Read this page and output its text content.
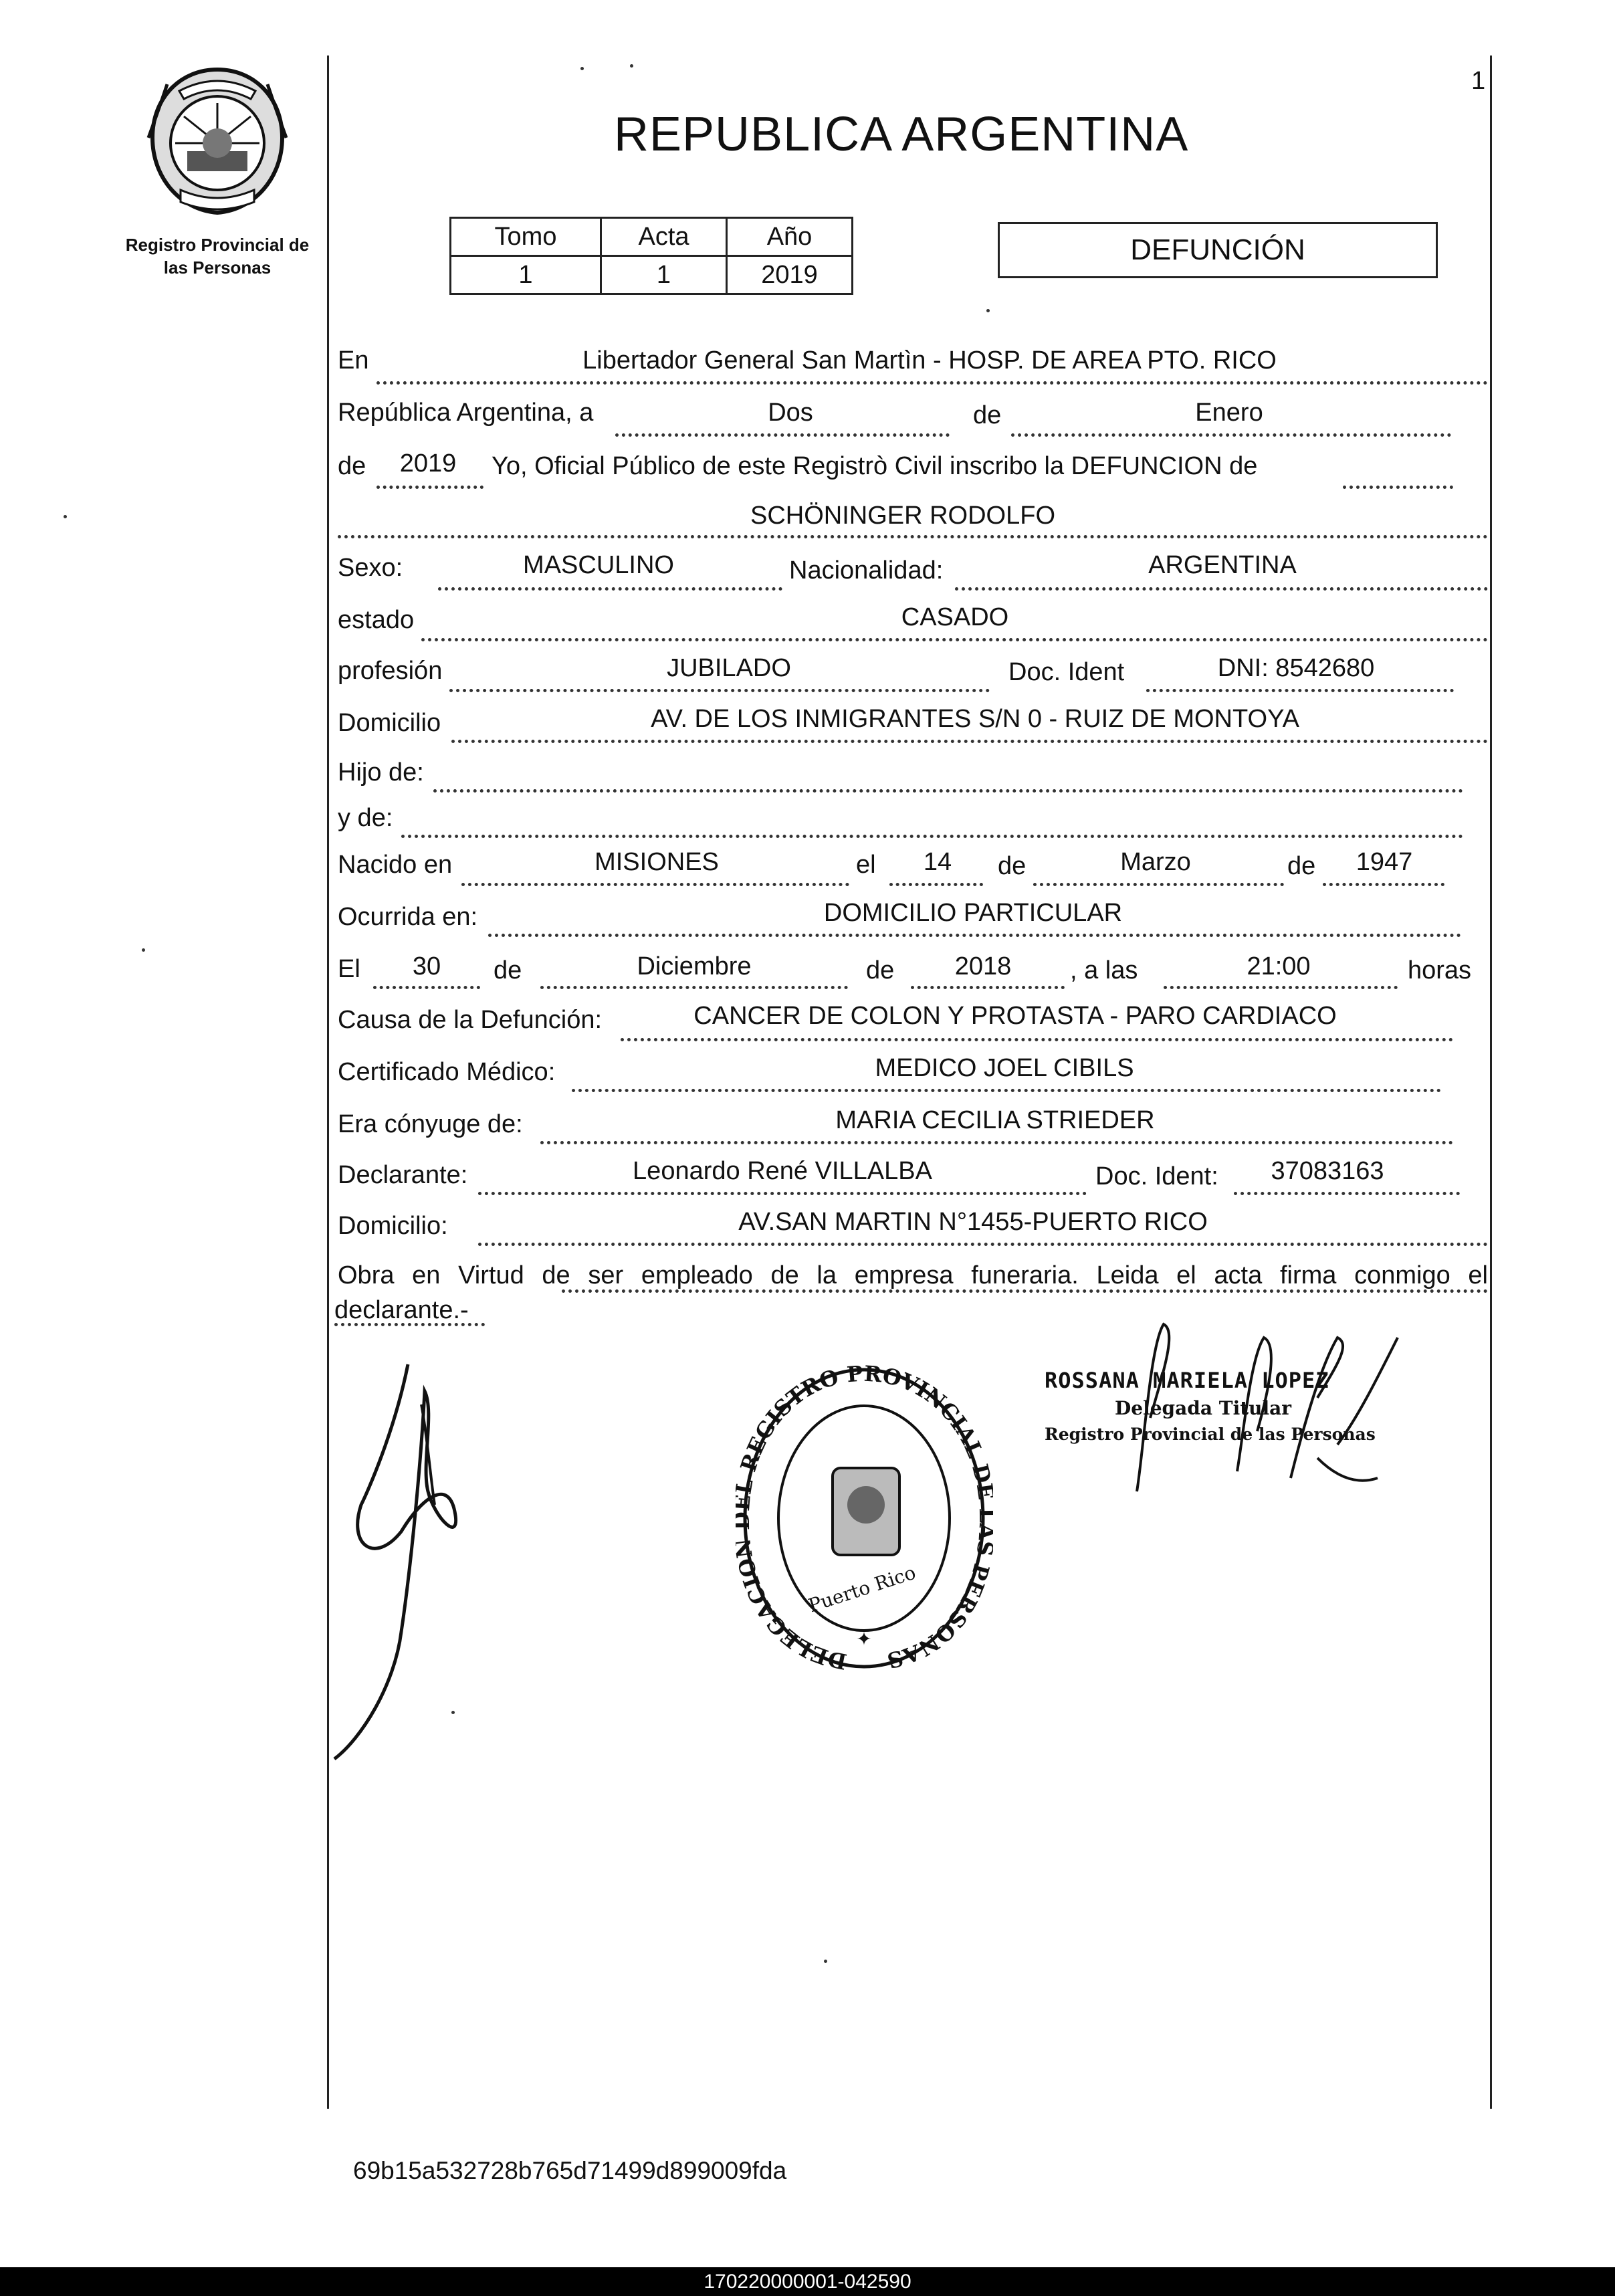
Registro Provincial de las Personas
1
REPUBLICA ARGENTINA
Tomo	Acta	Año
1	1	2019
DEFUNCIÓN
En	Libertador General San Martìn - HOSP. DE AREA PTO. RICO
República Argentina, a	Dos	de	Enero
de 2019 Yo, Oficial Público de este Registrò Civil inscribo la DEFUNCION de
SCHÖNINGER RODOLFO
Sexo:	MASCULINO	Nacionalidad:	ARGENTINA
estado	CASADO
profesión	JUBILADO	Doc. Ident	DNI: 8542680
Domicilio	AV. DE LOS INMIGRANTES S/N 0 - RUIZ DE MONTOYA
Hijo de:
y de:
Nacido en	MISIONES	el 14 de	Marzo	de 1947
Ocurrida en:	DOMICILIO PARTICULAR
El 30 de	Diciembre	de 2018 , a las	21:00	horas
Causa de la Defunción:	CANCER DE COLON Y PROTASTA - PARO CARDIACO
Certificado Médico:	MEDICO JOEL CIBILS
Era cónyuge de:	MARIA CECILIA STRIEDER
Declarante:	Leonardo René VILLALBA	Doc. Ident: 37083163
Domicilio:	AV.SAN MARTIN N°1455-PUERTO RICO
Obra en Virtud de ser empleado de la empresa funeraria. Leida el acta firma conmigo el
declarante.-
DELEGACIO REGISTRO PROVINCIAL PERSONAS
Puerto Rico
✦
ROSSANA MARIELA LOPEZ
Delegada Titular
Registro Provincial de las Personas
69b15a532728b765d71499d899009fda
170220000001-042590
